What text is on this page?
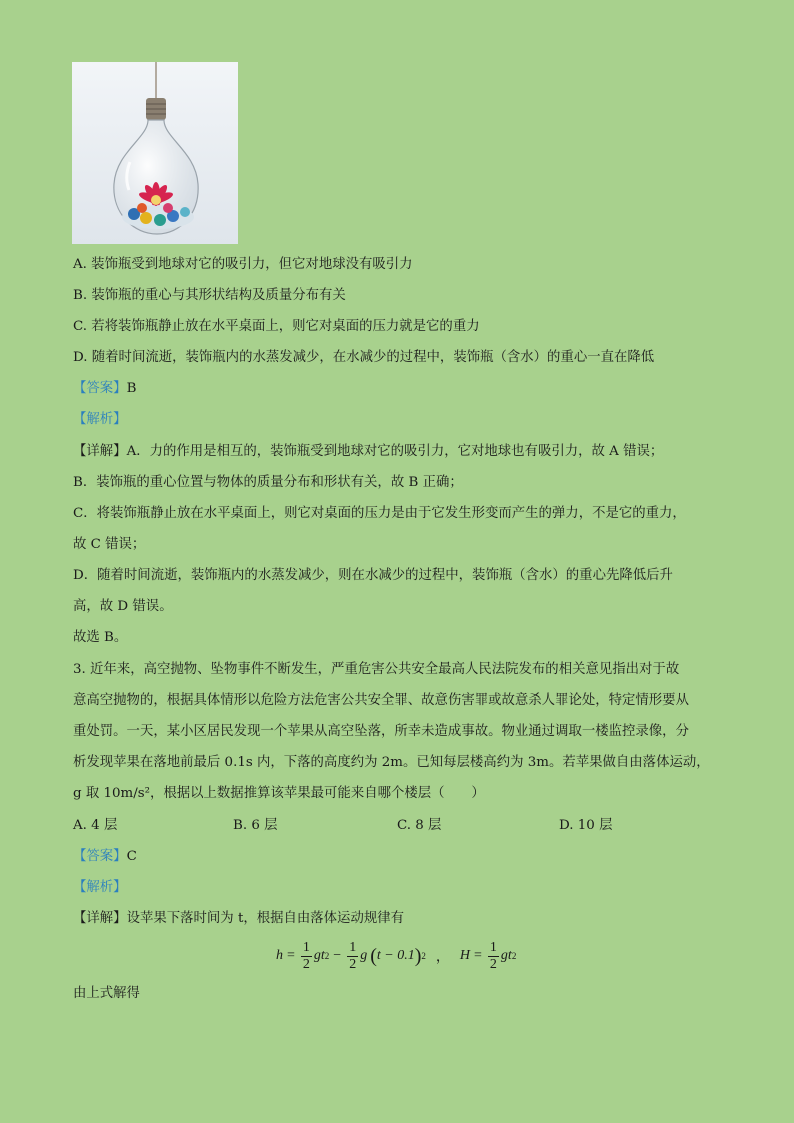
A. 装饰瓶受到地球对它的吸引力，但它对地球没有吸引力
B. 装饰瓶的重心与其形状结构及质量分布有关
C. 若将装饰瓶静止放在水平桌面上，则它对桌面的压力就是它的重力
D. 随着时间流逝，装饰瓶内的水蒸发减少，在水减少的过程中，装饰瓶（含水）的重心一直在降低
【答案】B
【解析】
【详解】A．力的作用是相互的，装饰瓶受到地球对它的吸引力，它对地球也有吸引力，故 A 错误；
B．装饰瓶的重心位置与物体的质量分布和形状有关，故 B 正确；
C．将装饰瓶静止放在水平桌面上，则它对桌面的压力是由于它发生形变而产生的弹力，不是它的重力，
故 C 错误；
D．随着时间流逝，装饰瓶内的水蒸发减少，则在水减少的过程中，装饰瓶（含水）的重心先降低后升
高，故 D 错误。
故选 B。
3. 近年来，高空抛物、坠物事件不断发生，严重危害公共安全最高人民法院发布的相关意见指出对于故
意高空抛物的，根据具体情形以危险方法危害公共安全罪、故意伤害罪或故意杀人罪论处，特定情形要从
重处罚。一天，某小区居民发现一个苹果从高空坠落，所幸未造成事故。物业通过调取一楼监控录像，分
析发现苹果在落地前最后 0.1s 内，下落的高度约为 2m。已知每层楼高约为 3m。若苹果做自由落体运动，
g 取 10m/s²，根据以上数据推算该苹果最可能来自哪个楼层（　　）
A. 4 层	B. 6 层	C. 8 层	D. 10 层
【答案】C
【解析】
【详解】设苹果下落时间为 t，根据自由落体运动规律有
$h = \frac{1}{2}$ gt $2 - \frac{1}{2}$ g ( t − 0.1 ) 2 ， $H = \frac{1}{2}$ gt 2
由上式解得
